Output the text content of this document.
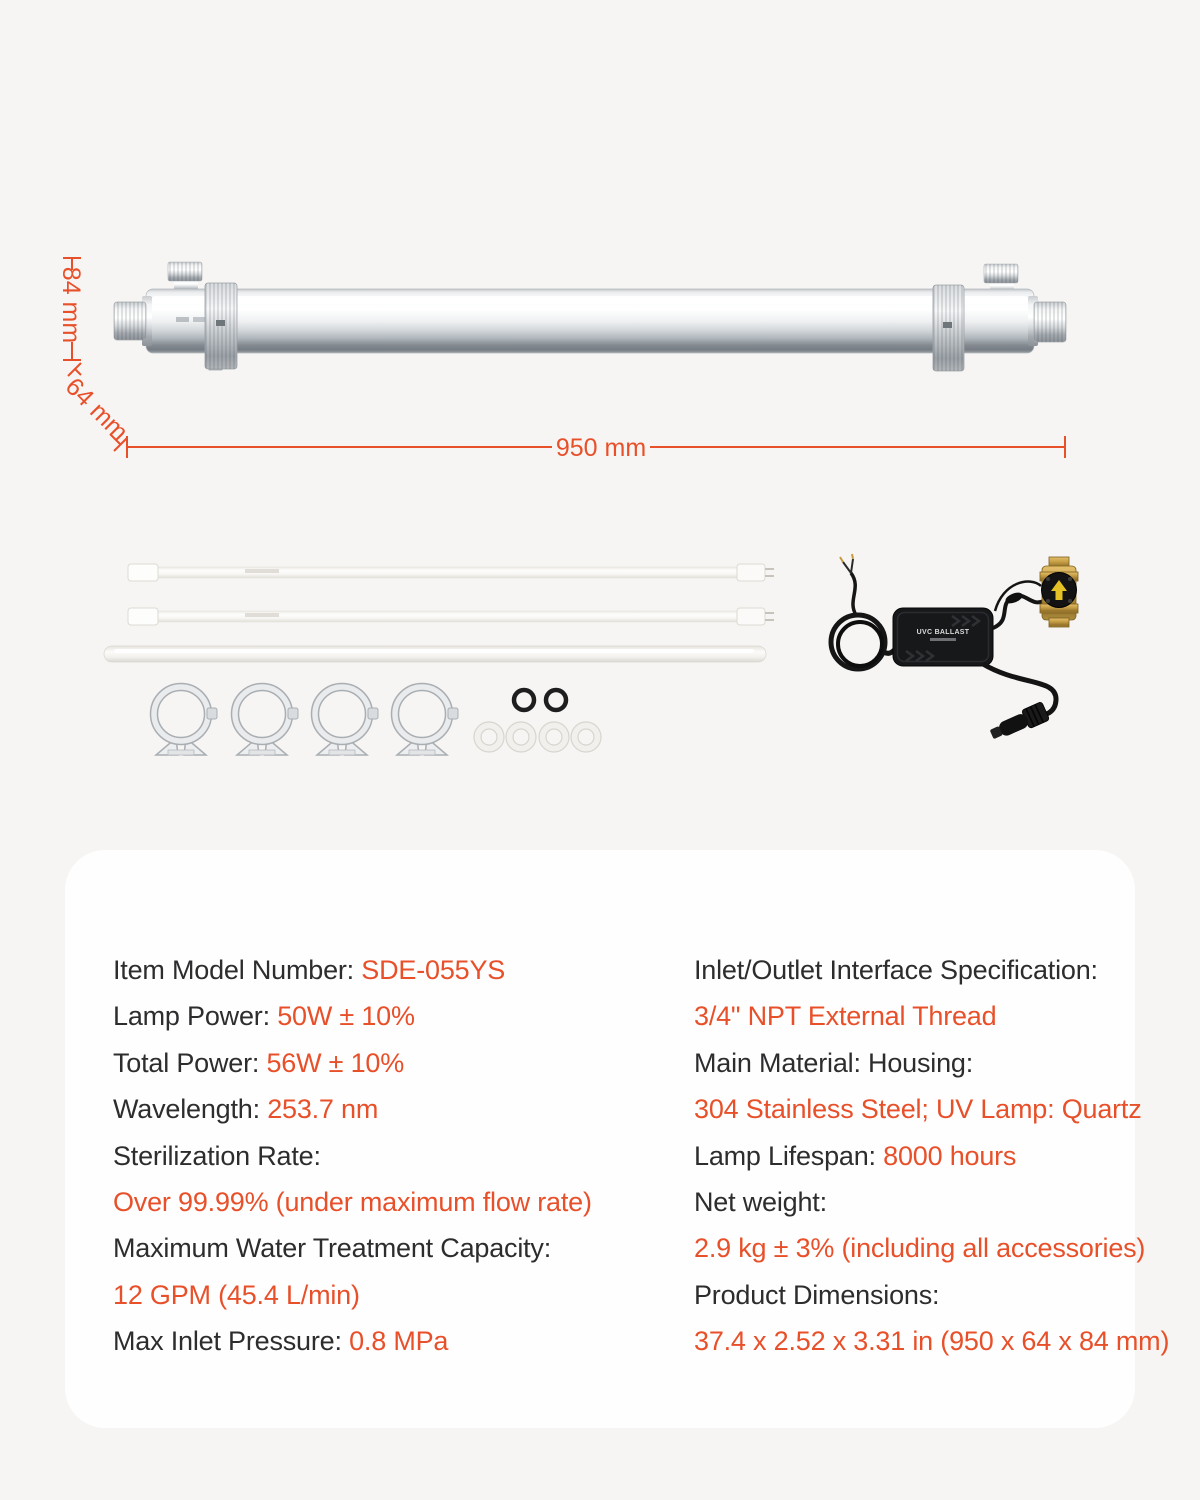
84 mm
64 mm
950 mm
UVC BALLAST
Item Model Number: SDE-055YS
Lamp Power: 50W ± 10%
Total Power: 56W ± 10%
Wavelength: 253.7 nm
Sterilization Rate:
Over 99.99% (under maximum flow rate)
Maximum Water Treatment Capacity:
12 GPM (45.4 L/min)
Max Inlet Pressure: 0.8 MPa
Inlet/Outlet Interface Specification:
3/4" NPT External Thread
Main Material: Housing:
304 Stainless Steel; UV Lamp: Quartz
Lamp Lifespan: 8000 hours
Net weight:
2.9 kg ± 3% (including all accessories)
Product Dimensions:
37.4 x 2.52 x 3.31 in (950 x 64 x 84 mm)
